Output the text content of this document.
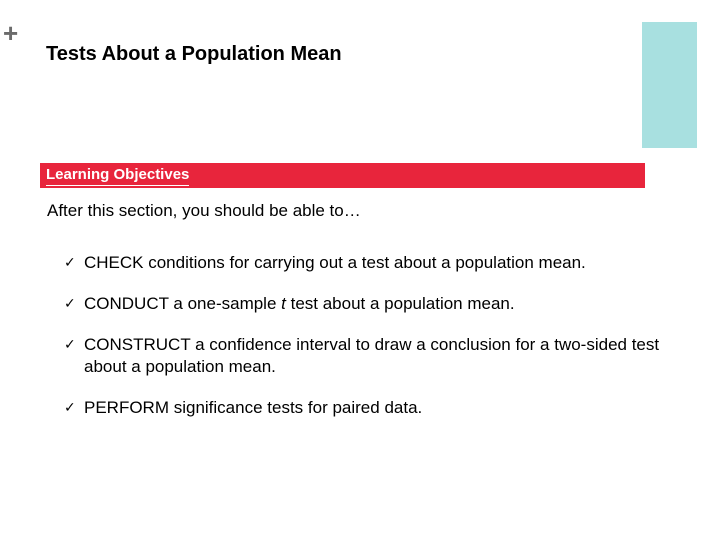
+
Tests About a Population Mean
Learning Objectives
After this section, you should be able to…
✓ CHECK conditions for carrying out a test about a population mean.
✓ CONDUCT a one-sample t test about a population mean.
✓ CONSTRUCT a confidence interval to draw a conclusion for a two-sided test about a population mean.
✓ PERFORM significance tests for paired data.
